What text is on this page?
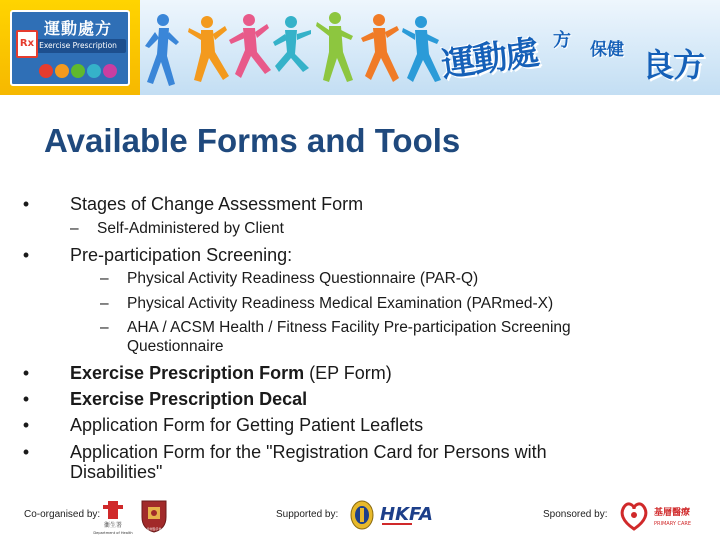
運動處方
Exercise Prescription
Rx	運動處 方 保健 良方
Available Forms and Tools
• Stages of Change Assessment Form
– Self-Administered by Client
• Pre-participation Screening:
– Physical Activity Readiness Questionnaire (PAR-Q)
– Physical Activity Readiness Medical Examination (PARmed-X)
– AHA / ACSM Health / Fitness Facility Pre-participation Screening
Questionnaire
• Exercise Prescription Form (EP Form)
• Exercise Prescription Decal
• Application Form for Getting Patient Leaflets
• Application Form for the "Registration Card for Persons with
Disabilities"
Co-organised by:
衞生署
Department of Health
香港醫學會
Supported by: HKFA	Sponsored by:	基層醫療
PRIMARY CARE
